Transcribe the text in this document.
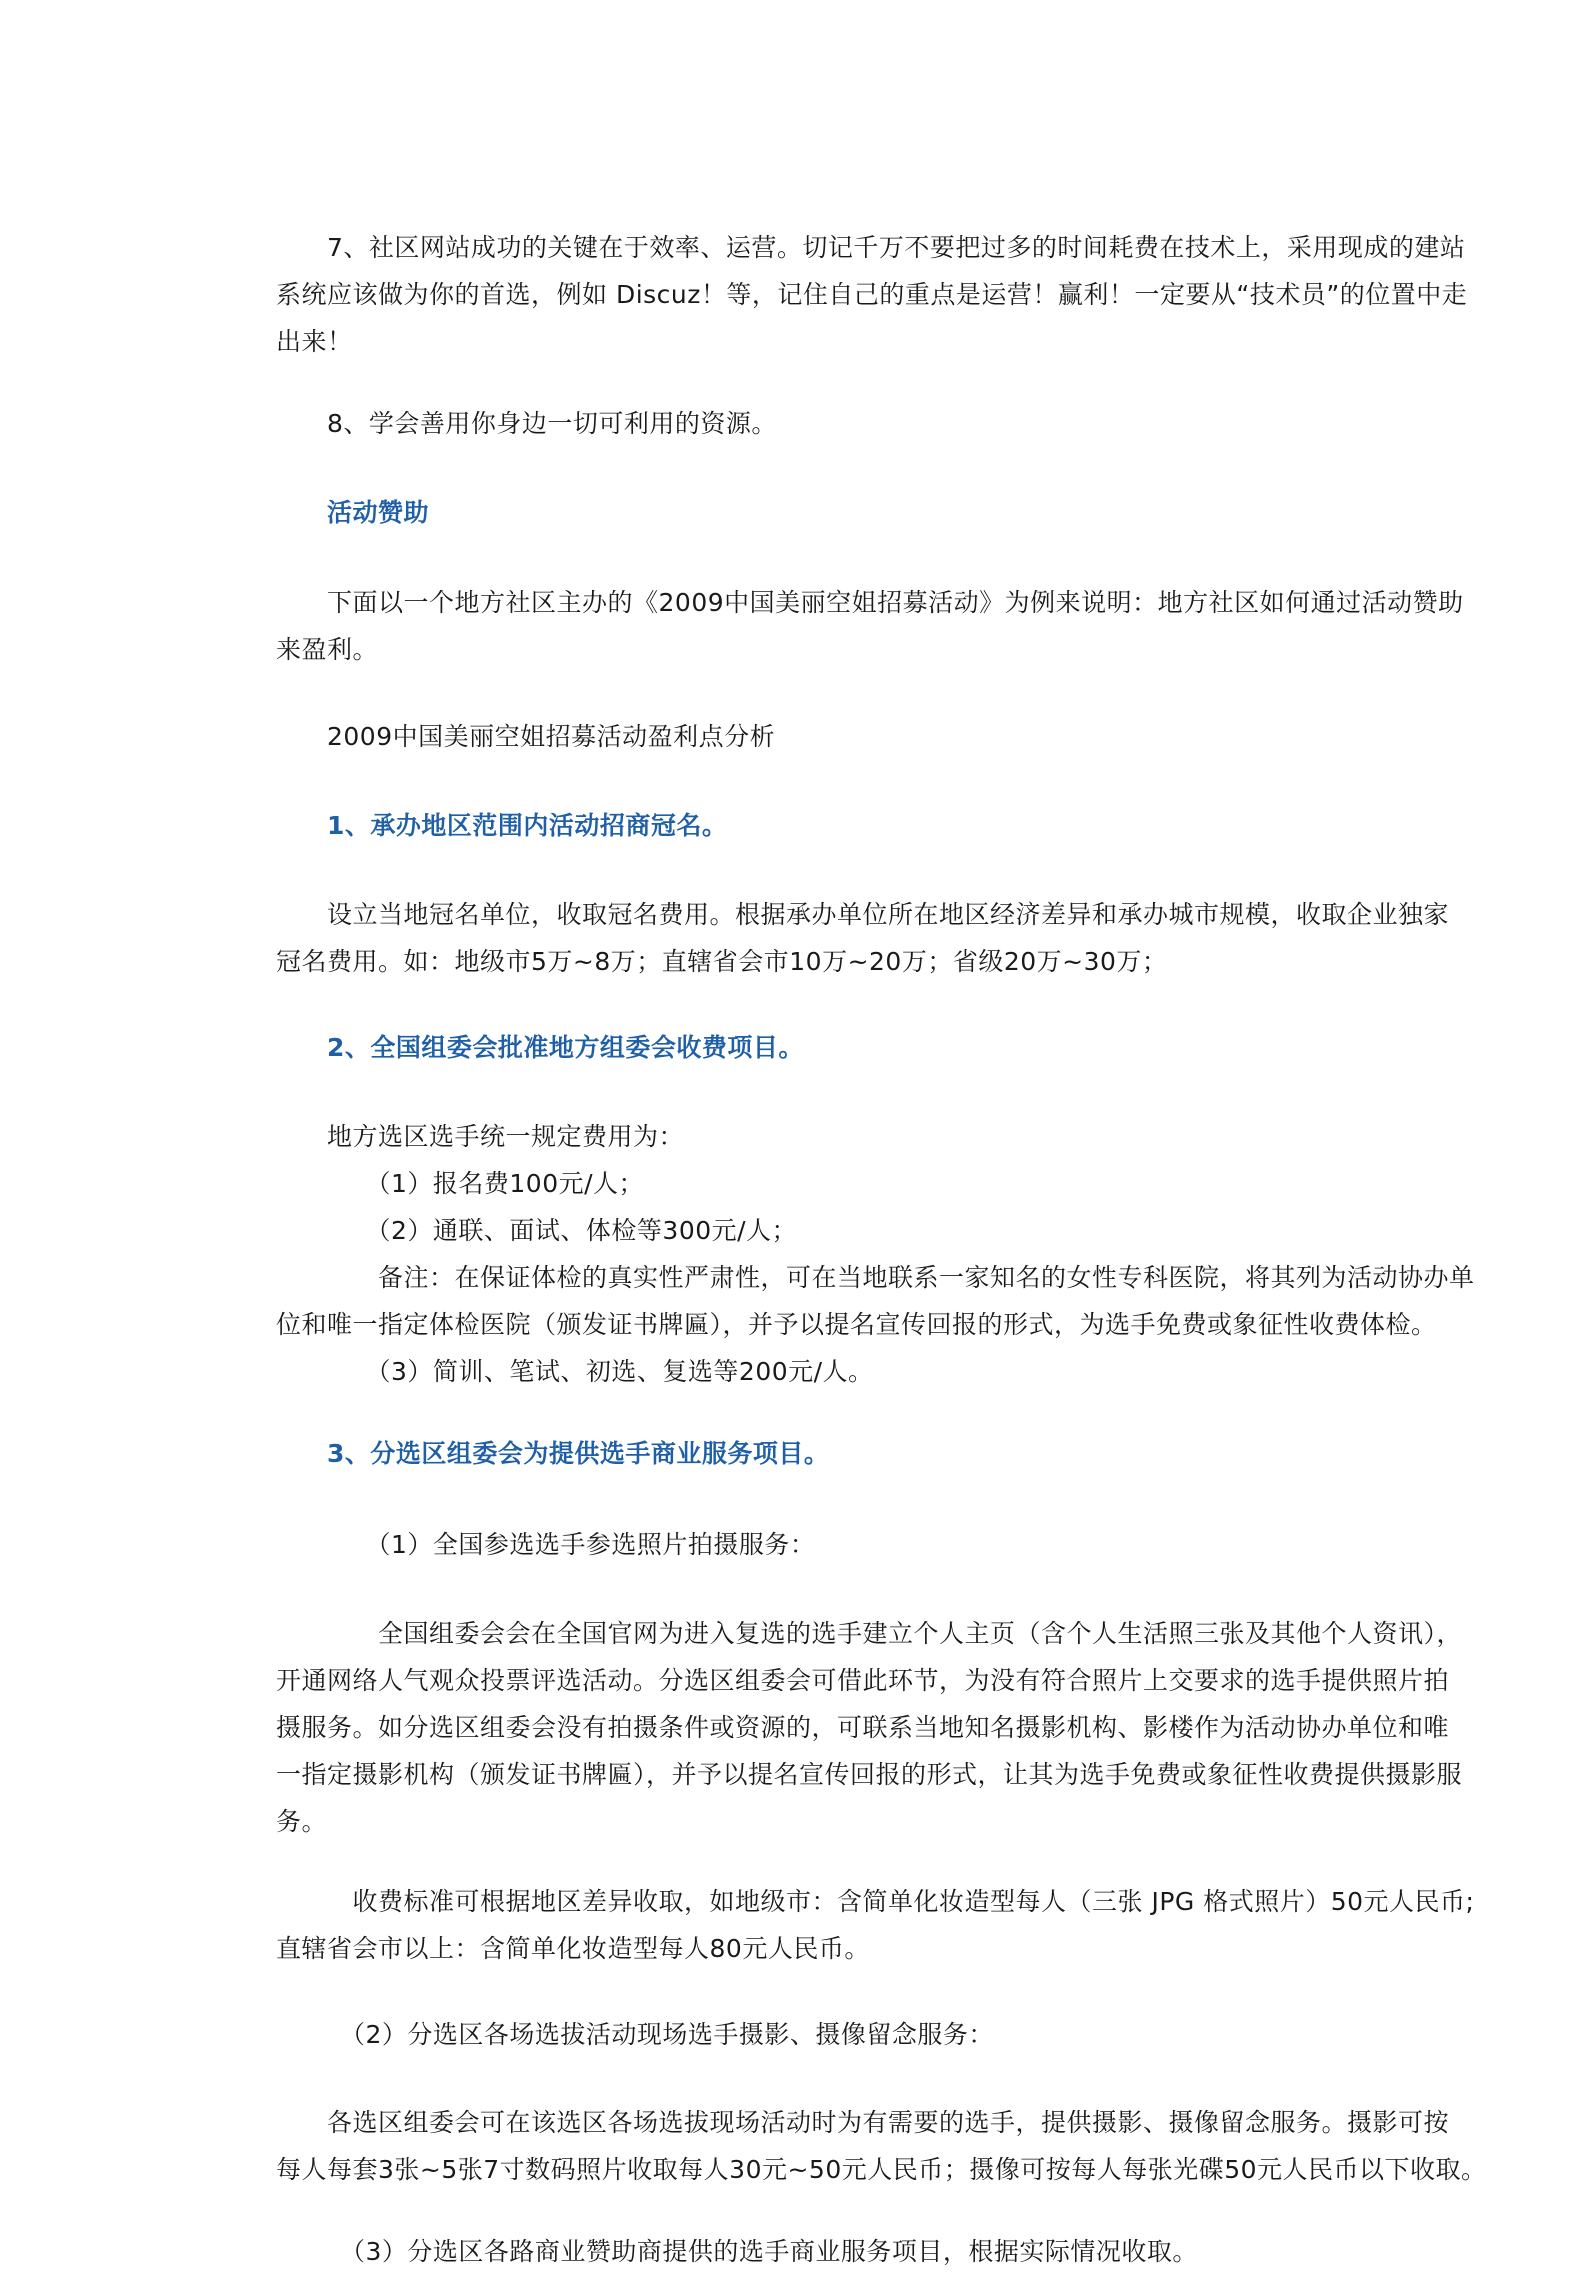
　　7、社区网站成功的关键在于效率、运营。切记千万不要把过多的时间耗费在技术上，采用现成的建站
系统应该做为你的首选，例如 Discuz！等，记住自己的重点是运营！赢利！一定要从“技术员”的位置中走
出来！

　　8、学会善用你身边一切可利用的资源。

　　活动赞助

　　下面以一个地方社区主办的《2009中国美丽空姐招募活动》为例来说明：地方社区如何通过活动赞助
来盈利。

　　2009中国美丽空姐招募活动盈利点分析

　　1、承办地区范围内活动招商冠名。

　　设立当地冠名单位，收取冠名费用。根据承办单位所在地区经济差异和承办城市规模，收取企业独家
冠名费用。如：地级市5万~8万；直辖省会市10万~20万；省级20万~30万；

　　2、全国组委会批准地方组委会收费项目。

　　地方选区选手统一规定费用为：
　　　　（1）报名费100元/人；
　　　　（2）通联、面试、体检等300元/人；
　　　　备注：在保证体检的真实性严肃性，可在当地联系一家知名的女性专科医院，将其列为活动协办单
位和唯一指定体检医院（颁发证书牌匾），并予以提名宣传回报的形式，为选手免费或象征性收费体检。
　　　　（3）简训、笔试、初选、复选等200元/人。

　　3、分选区组委会为提供选手商业服务项目。

　　　　（1）全国参选选手参选照片拍摄服务：

　　　　全国组委会会在全国官网为进入复选的选手建立个人主页（含个人生活照三张及其他个人资讯），
开通网络人气观众投票评选活动。分选区组委会可借此环节，为没有符合照片上交要求的选手提供照片拍
摄服务。如分选区组委会没有拍摄条件或资源的，可联系当地知名摄影机构、影楼作为活动协办单位和唯
一指定摄影机构（颁发证书牌匾），并予以提名宣传回报的形式，让其为选手免费或象征性收费提供摄影服
务。

　　　收费标准可根据地区差异收取，如地级市：含简单化妆造型每人（三张 JPG 格式照片）50元人民币;
直辖省会市以上：含简单化妆造型每人80元人民币。

　　　（2）分选区各场选拔活动现场选手摄影、摄像留念服务：

　　各选区组委会可在该选区各场选拔现场活动时为有需要的选手，提供摄影、摄像留念服务。摄影可按
每人每套3张~5张7寸数码照片收取每人30元~50元人民币；摄像可按每人每张光碟50元人民币以下收取。

　　　（3）分选区各路商业赞助商提供的选手商业服务项目，根据实际情况收取。
